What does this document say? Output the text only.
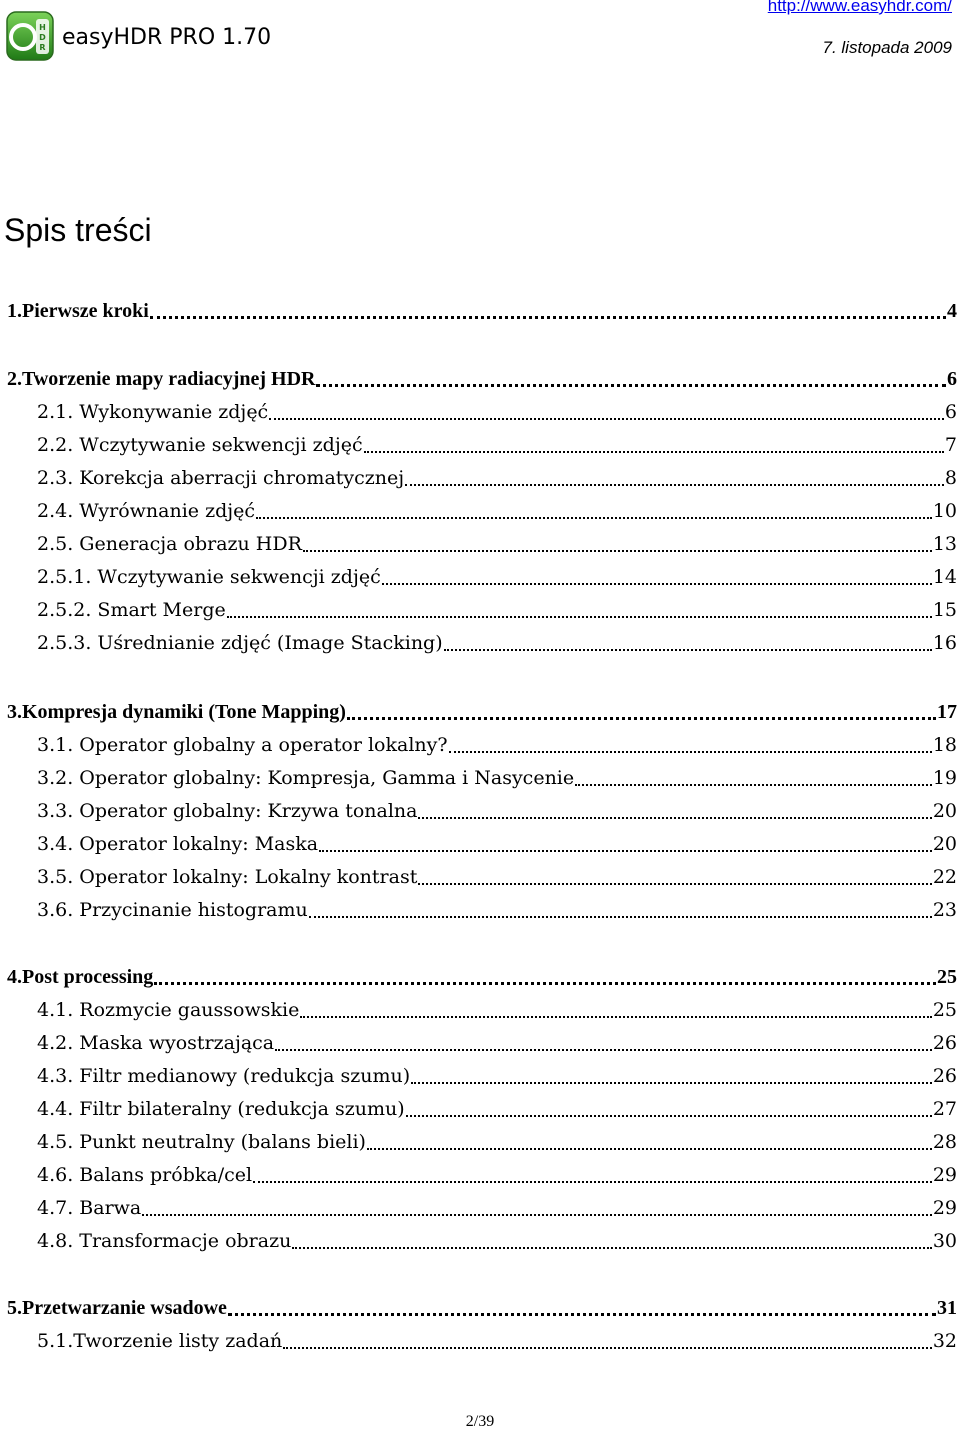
H
D
R easyHDR PRO 1.70
http://www.easyhdr.com/
7. listopada 2009
Spis treści
1.Pierwsze kroki	4
2.Tworzenie mapy radiacyjnej HDR	6
2.1. Wykonywanie zdjęć	6
2.2. Wczytywanie sekwencji zdjęć	7
2.3. Korekcja aberracji chromatycznej	8
2.4. Wyrównanie zdjęć	10
2.5. Generacja obrazu HDR	13
2.5.1. Wczytywanie sekwencji zdjęć	14
2.5.2. Smart Merge	15
2.5.3. Uśrednianie zdjęć (Image Stacking)	16
3.Kompresja dynamiki (Tone Mapping)	17
3.1. Operator globalny a operator lokalny?	18
3.2. Operator globalny: Kompresja, Gamma i Nasycenie	19
3.3. Operator globalny: Krzywa tonalna	20
3.4. Operator lokalny: Maska	20
3.5. Operator lokalny: Lokalny kontrast	22
3.6. Przycinanie histogramu	23
4.Post processing	25
4.1. Rozmycie gaussowskie	25
4.2. Maska wyostrzająca	26
4.3. Filtr medianowy (redukcja szumu)	26
4.4. Filtr bilateralny (redukcja szumu)	27
4.5. Punkt neutralny (balans bieli)	28
4.6. Balans próbka/cel	29
4.7. Barwa	29
4.8. Transformacje obrazu	30
5.Przetwarzanie wsadowe	31
5.1.Tworzenie listy zadań	32
2/39
